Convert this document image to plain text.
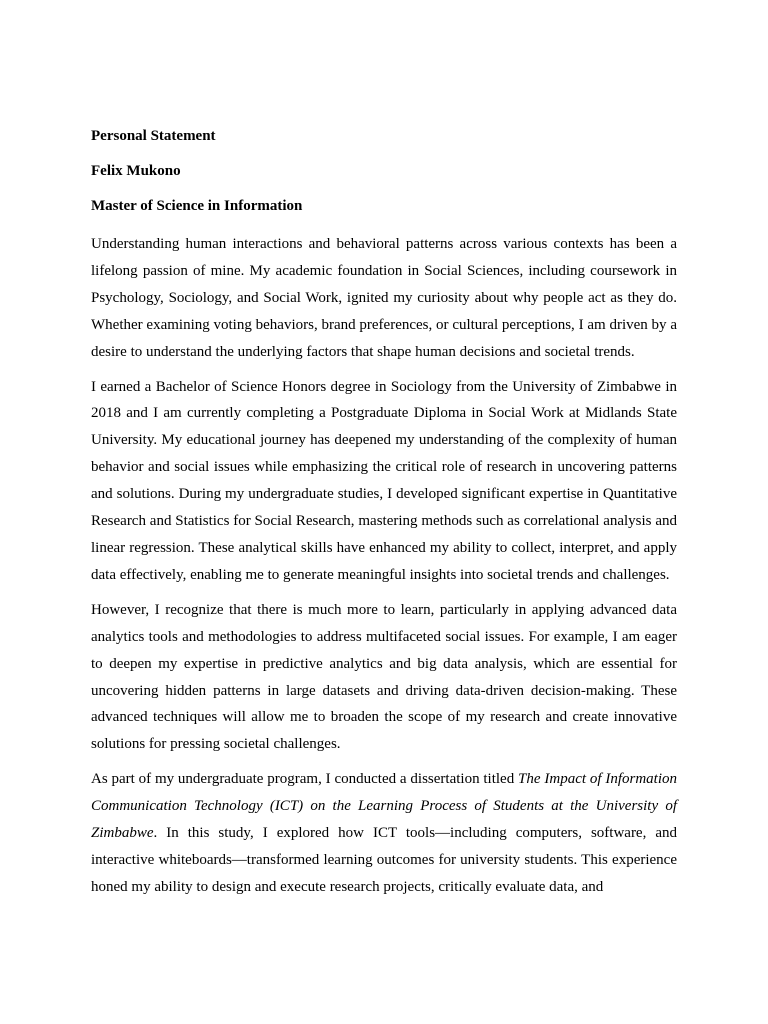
Personal Statement
Felix Mukono
Master of Science in Information

Understanding human interactions and behavioral patterns across various contexts has been a lifelong passion of mine. My academic foundation in Social Sciences, including coursework in Psychology, Sociology, and Social Work, ignited my curiosity about why people act as they do. Whether examining voting behaviors, brand preferences, or cultural perceptions, I am driven by a desire to understand the underlying factors that shape human decisions and societal trends.

I earned a Bachelor of Science Honors degree in Sociology from the University of Zimbabwe in 2018 and I am currently completing a Postgraduate Diploma in Social Work at Midlands State University. My educational journey has deepened my understanding of the complexity of human behavior and social issues while emphasizing the critical role of research in uncovering patterns and solutions. During my undergraduate studies, I developed significant expertise in Quantitative Research and Statistics for Social Research, mastering methods such as correlational analysis and linear regression. These analytical skills have enhanced my ability to collect, interpret, and apply data effectively, enabling me to generate meaningful insights into societal trends and challenges.

However, I recognize that there is much more to learn, particularly in applying advanced data analytics tools and methodologies to address multifaceted social issues. For example, I am eager to deepen my expertise in predictive analytics and big data analysis, which are essential for uncovering hidden patterns in large datasets and driving data-driven decision-making. These advanced techniques will allow me to broaden the scope of my research and create innovative solutions for pressing societal challenges.

As part of my undergraduate program, I conducted a dissertation titled The Impact of Information Communication Technology (ICT) on the Learning Process of Students at the University of Zimbabwe. In this study, I explored how ICT tools—including computers, software, and interactive whiteboards—transformed learning outcomes for university students. This experience honed my ability to design and execute research projects, critically evaluate data, and
